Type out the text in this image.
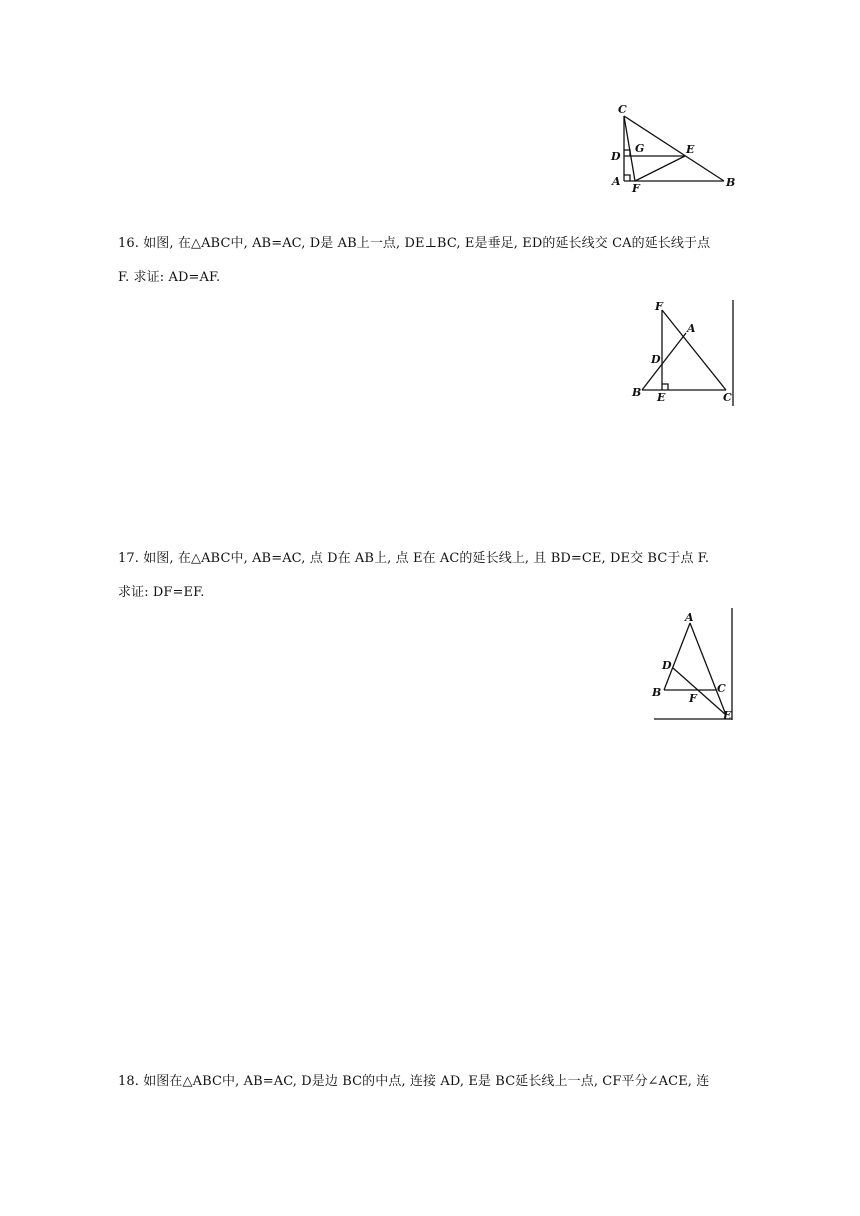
C
D
G	E
A
F	B
16. 如图, 在△ABC中, AB=AC, D是 AB上一点, DE⊥BC, E是垂足, ED的延长线交 CA的延长线于点
F. 求证: AD=AF.
F
A
D
B E	C
17. 如图, 在△ABC中, AB=AC, 点 D在 AB上, 点 E在 AC的延长线上, 且 BD=CE, DE交 BC于点 F.
求证: DF=EF.
A
D
B	C
F
E
18. 如图在△ABC中, AB=AC, D是边 BC的中点, 连接 AD, E是 BC延长线上一点, CF平分∠ACE, 连
